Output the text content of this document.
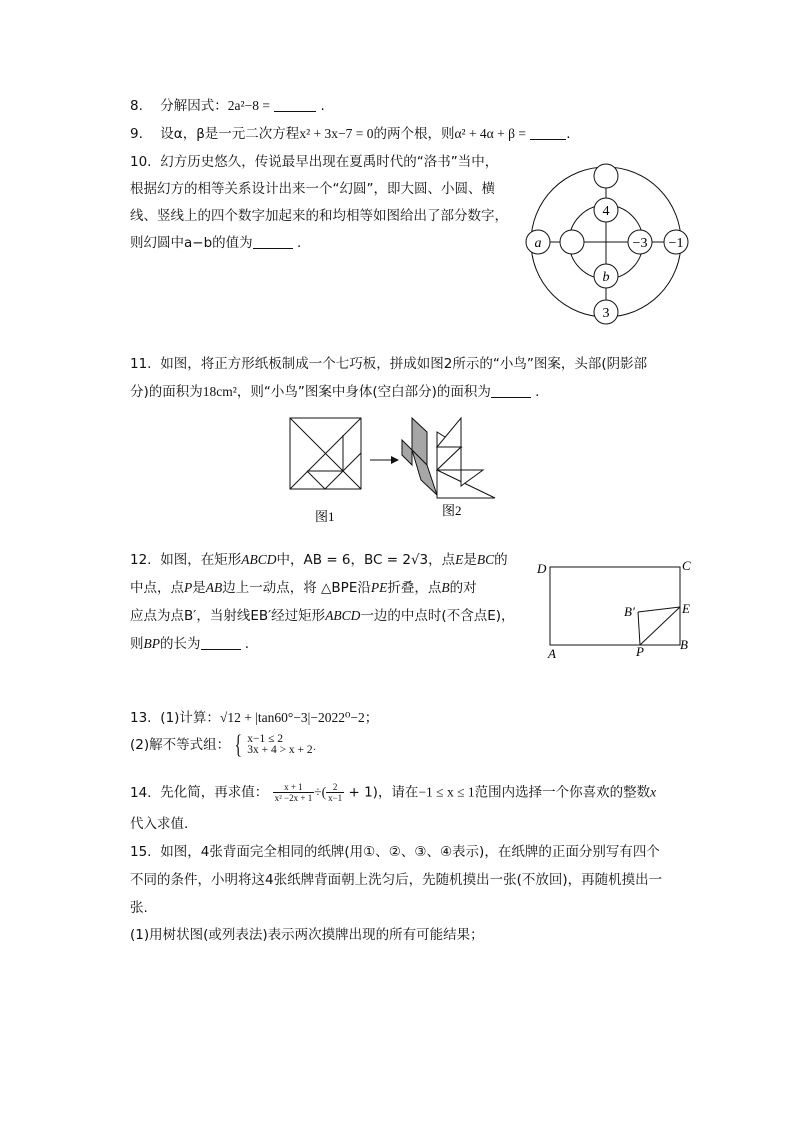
8. 分解因式：2a²−8 =	.
9. 设α，β是一元二次方程x² + 3x−7 = 0的两个根，则α² + 4α + β =	.
10. 幻方历史悠久，传说最早出现在夏禹时代的“洛书”当中，
根据幻方的相等关系设计出来一个“幻圆”，即大圆、小圆、横
线、竖线上的四个数字加起来的和均相等如图给出了部分数字，
则幻圆中a−b的值为	.
4
a	−3 −1
b
3
11. 如图，将正方形纸板制成一个七巧板，拼成如图2所示的“小鸟”图案，头部(阴影部
分)的面积为18cm²，则“小鸟”图案中身体(空白部分)的面积为	.
图1	图2
12. 如图，在矩形ABCD中，AB = 6，BC = 2√3，点E是BC的
中点，点P是AB边上一动点，将 △BPE沿PE折叠，点B的对
应点为点B′，当射线EB′经过矩形ABCD一边的中点时(不含点E)，
则BP的长为	.
D	C
E
B′
A	P	B
13. (1)计算：√12 + |tan60°−3|−2022⁰−2；
(2)解不等式组： { x−1 ≤ 2
3x + 4 > x + 2·
14. 先化简，再求值： $\frac{x + 1}{\text{x² −2x + 1}}$ ÷( $\frac{2}{x-1} + 1$)，请在−1 ≤ x ≤ 1范围内选择一个你喜欢的整数x
代入求值.
15. 如图，4张背面完全相同的纸牌(用①、②、③、④表示)，在纸牌的正面分别写有四个
不同的条件，小明将这4张纸牌背面朝上洗匀后，先随机摸出一张(不放回)，再随机摸出一
张.
(1)用树状图(或列表法)表示两次摸牌出现的所有可能结果；
